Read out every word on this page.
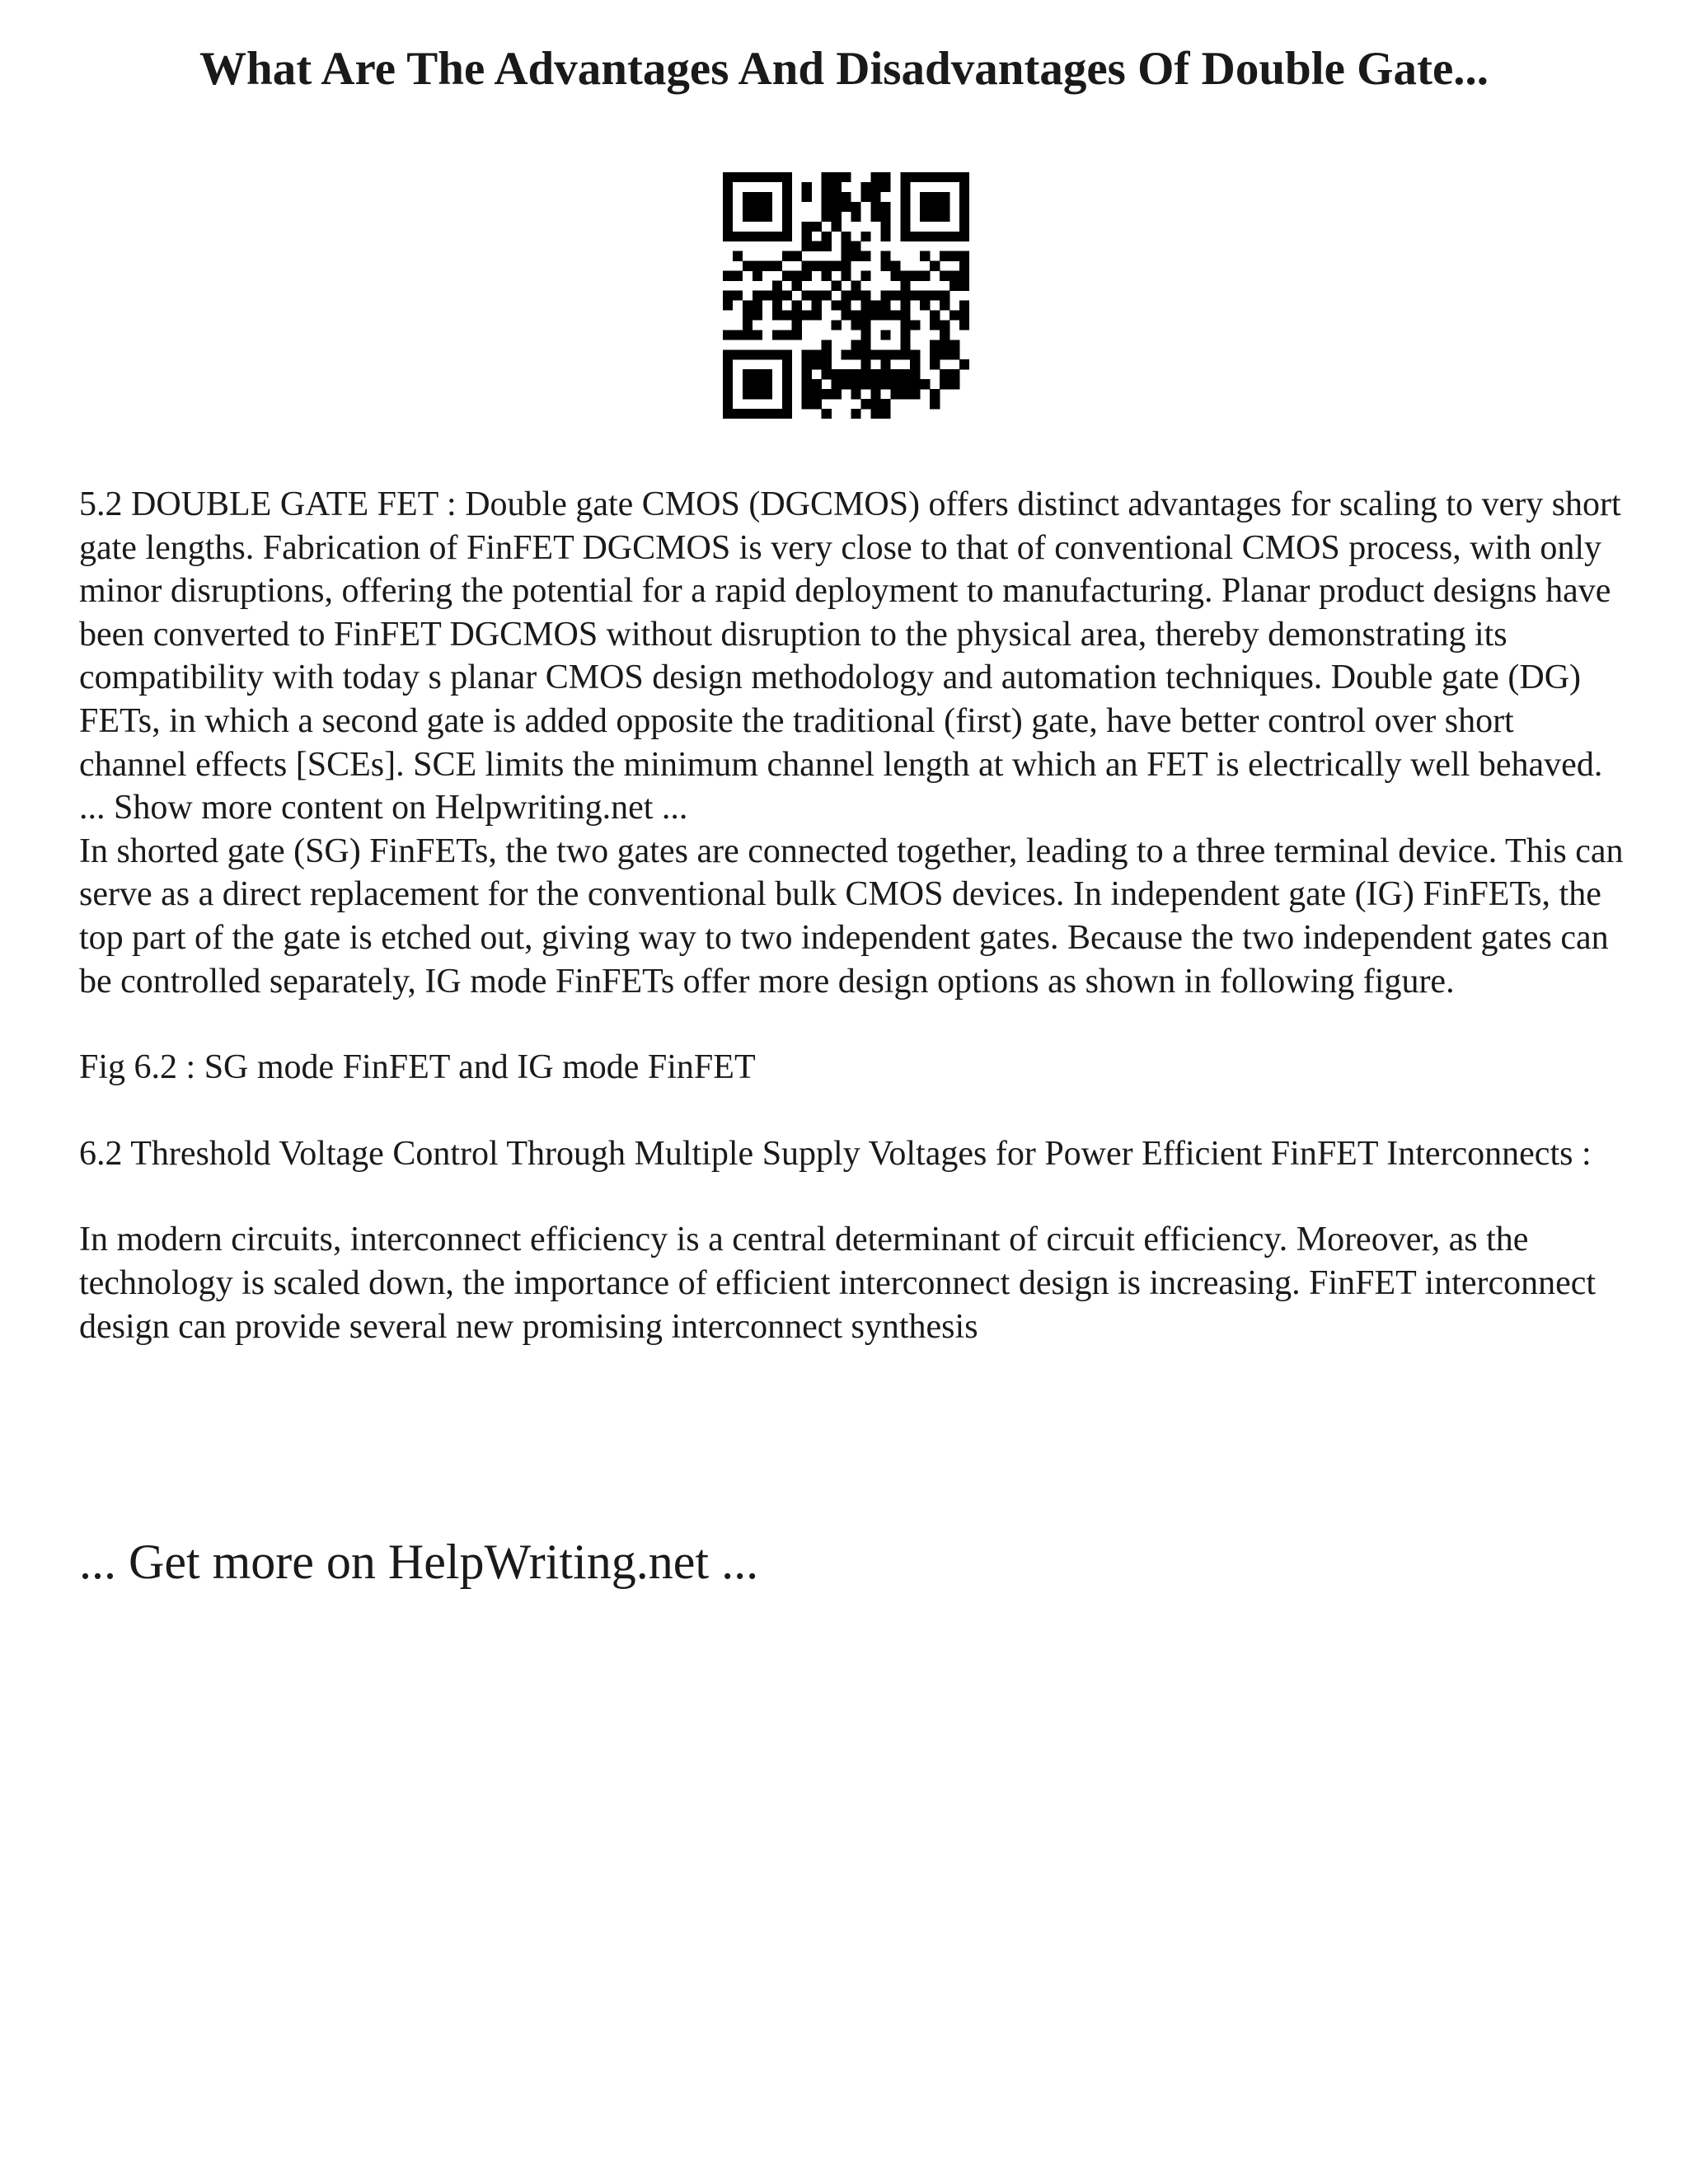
What Are The Advantages And Disadvantages Of Double Gate...

5.2 DOUBLE GATE FET : Double gate CMOS (DGCMOS) offers distinct advantages for scaling to very short gate lengths. Fabrication of FinFET DGCMOS is very close to that of conventional CMOS process, with only minor disruptions, offering the potential for a rapid deployment to manufacturing. Planar product designs have been converted to FinFET DGCMOS without disruption to the physical area, thereby demonstrating its compatibility with today s planar CMOS design methodology and automation techniques. Double gate (DG) FETs, in which a second gate is added opposite the traditional (first) gate, have better control over short channel effects [SCEs]. SCE limits the minimum channel length at which an FET is electrically well behaved. ... Show more content on Helpwriting.net ...

In shorted gate (SG) FinFETs, the two gates are connected together, leading to a three terminal device. This can serve as a direct replacement for the conventional bulk CMOS devices. In independent gate (IG) FinFETs, the top part of the gate is etched out, giving way to two independent gates. Because the two independent gates can be controlled separately, IG mode FinFETs offer more design options as shown in following figure.

Fig 6.2 : SG mode FinFET and IG mode FinFET

6.2 Threshold Voltage Control Through Multiple Supply Voltages for Power Efficient FinFET Interconnects :

In modern circuits, interconnect efficiency is a central determinant of circuit efficiency. Moreover, as the technology is scaled down, the importance of efficient interconnect design is increasing. FinFET interconnect design can provide several new promising interconnect synthesis

... Get more on HelpWriting.net ...
